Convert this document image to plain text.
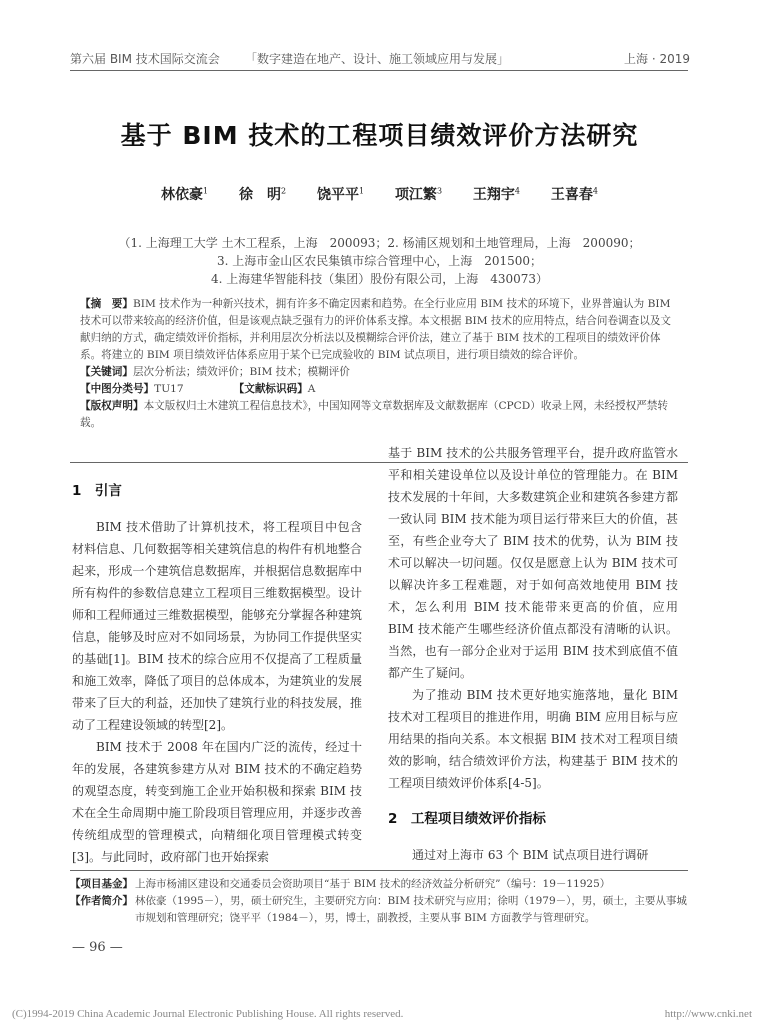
第六届 BIM 技术国际交流会	「数字建造在地产、设计、施工领域应用与发展」	上海 · 2019
基于 BIM 技术的工程项目绩效评价方法研究
林依豪$^1$ 徐　明$^2$ 饶平平$^1$ 项江繁$^3$ 王翔宇$^4$ 王喜春$^4$
（1. 上海理工大学 土木工程系，上海　200093；2. 杨浦区规划和土地管理局，上海　200090；
3. 上海市金山区农民集镇市综合管理中心，上海　201500；
4. 上海建华智能科技（集团）股份有限公司，上海　430073）
【摘　要】BIM 技术作为一种新兴技术，拥有许多不确定因素和趋势。在全行业应用 BIM 技术的环境下，业界普遍认为 BIM 技术可以带来较高的经济价值，但是该观点缺乏强有力的评价体系支撑。本文根据 BIM 技术的应用特点，结合问卷调查以及文献归纳的方式，确定绩效评价指标，并利用层次分析法以及模糊综合评价法，建立了基于 BIM 技术的工程项目的绩效评价体系。将建立的 BIM 项目绩效评估体系应用于某个已完成验收的 BIM 试点项目，进行项目绩效的综合评价。
【关键词】层次分析法；绩效评价；BIM 技术；模糊评价
【中图分类号】TU17	【文献标识码】A
【版权声明】本文版权归土木建筑工程信息技术》，中国知网等文章数据库及文献数据库（CPCD）收录上网，未经授权严禁转载。
1　引言

BIM 技术借助了计算机技术，将工程项目中包含材料信息、几何数据等相关建筑信息的构件有机地整合起来，形成一个建筑信息数据库，并根据信息数据库中所有构件的参数信息建立工程项目三维数据模型。设计师和工程师通过三维数据模型，能够充分掌握各种建筑信息，能够及时应对不如同场景，为协同工作提供坚实的基础[1]。BIM 技术的综合应用不仅提高了工程质量和施工效率，降低了项目的总体成本，为建筑业的发展带来了巨大的利益，还加快了建筑行业的科技发展，推动了工程建设领域的转型[2]。

BIM 技术于 2008 年在国内广泛的流传，经过十年的发展，各建筑参建方从对 BIM 技术的不确定趋势的观望态度，转变到施工企业开始积极和探索 BIM 技术在全生命周期中施工阶段项目管理应用，并逐步改善传统组成型的管理模式，向精细化项目管理模式转变[3]。与此同时，政府部门也开始探索

基于 BIM 技术的公共服务管理平台，提升政府监管水平和相关建设单位以及设计单位的管理能力。在 BIM 技术发展的十年间，大多数建筑企业和建筑各参建方都一致认同 BIM 技术能为项目运行带来巨大的价值，甚至，有些企业夸大了 BIM 技术的优势，认为 BIM 技术可以解决一切问题。仅仅是愿意上认为 BIM 技术可以解决许多工程难题，对于如何高效地使用 BIM 技术，怎么利用 BIM 技术能带来更高的价值，应用 BIM 技术能产生哪些经济价值点都没有清晰的认识。当然，也有一部分企业对于运用 BIM 技术到底值不值都产生了疑问。

为了推动 BIM 技术更好地实施落地，量化 BIM 技术对工程项目的推进作用，明确 BIM 应用目标与应用结果的指向关系。本文根据 BIM 技术对工程项目绩效的影响，结合绩效评价方法，构建基于 BIM 技术的工程项目绩效评价体系[4-5]。

2　工程项目绩效评价指标

通过对上海市 63 个 BIM 试点项目进行调研

【项目基金】 上海市杨浦区建设和交通委员会资助项目“基于 BIM 技术的经济效益分析研究”（编号：19－11925）
【作者简介】 林依豪（1995－），男，硕士研究生，主要研究方向：BIM 技术研究与应用；徐明（1979－），男，硕士，主要从事城市规划和管理研究；饶平平（1984－），男，博士，副教授，主要从事 BIM 方面教学与管理研究。
— 96 —
(C)1994-2019 China Academic Journal Electronic Publishing House. All rights reserved.	http://www.cnki.net
